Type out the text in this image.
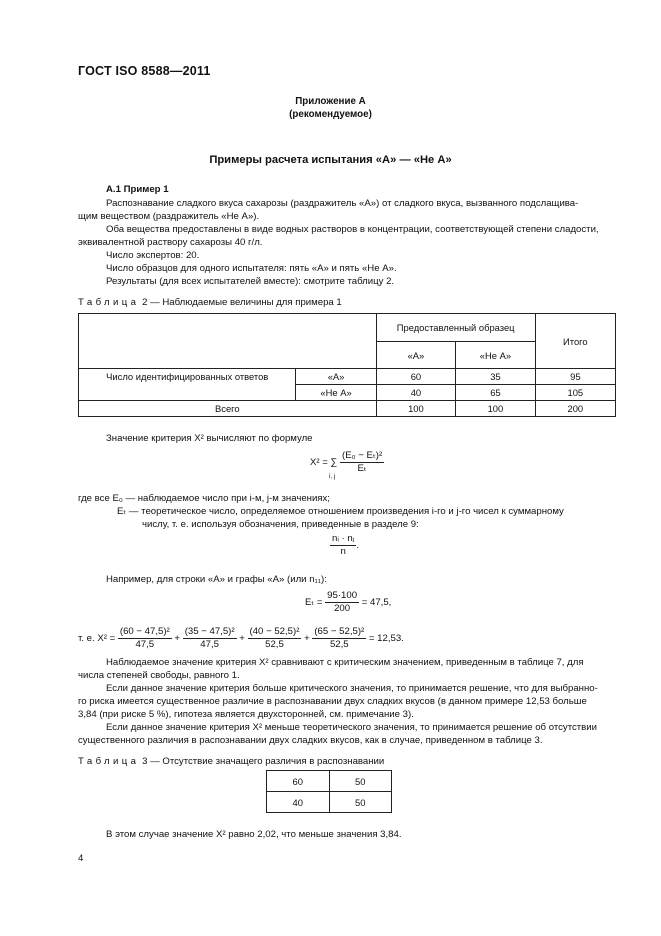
ГОСТ ISO 8588—2011
Приложение А
(рекомендуемое)
Примеры расчета испытания «А» — «Не А»
А.1 Пример 1
Распознавание сладкого вкуса сахарозы (раздражитель «А») от сладкого вкуса, вызванного подслащива-
щим веществом (раздражитель «Не А»).
Оба вещества предоставлены в виде водных растворов в концентрации, соответствующей степени сладости,
эквивалентной раствору сахарозы 40 г/л.
Число экспертов: 20.
Число образцов для одного испытателя: пять «А» и пять «Не А».
Результаты (для всех испытателей вместе): смотрите таблицу 2.
Таблица 2 — Наблюдаемые величины для примера 1
		Предоставленный образец		Итого
		«А»	«Не А»	

Число идентифицированных ответов	«А»	60	35	95
	«Не А»	40	65	105
Всего		100	100	200
Значение критерия X² вычисляют по формуле
X² = ∑ $\frac{\text{(E₀ − Eₜ)²}}{\text{Eₜ}}$
i, j
где все E₀ — наблюдаемое число при i-м, j-м значениях;
Eₜ — теоретическое число, определяемое отношением произведения i-го и j-го чисел к суммарному
числу, т. е. используя обозначения, приведенные в разделе 9:
$\frac{\text{nᵢ · nⱼ}}{n}$ .
Например, для строки «А» и графы «А» (или n₁₁):
$E_t = \frac{95\cdot 100}{200} = 47,5$,
т. е. $X^2 = \frac{\text{(60 − 47,5)²}}{47,5} + \frac{\text{(35 − 47,5)²}}{47,5} + \frac{\text{(40 − 52,5)²}}{52,5} + \frac{\text{(65 − 52,5)²}}{52,5} = 12,53$.
Наблюдаемое значение критерия X² сравнивают с критическим значением, приведенным в таблице 7, для
числа степеней свободы, равного 1.
Если данное значение критерия больше критического значения, то принимается решение, что для выбранно-
го риска имеется существенное различие в распознавании двух сладких вкусов (в данном примере 12,53 больше
3,84 (при риске 5 %), гипотеза является двухсторонней, см. примечание 3).
Если данное значение критерия X² меньше теоретического значения, то принимается решение об отсутствии
существенного различия в распознавании двух сладких вкусов, как в случае, приведенном в таблице 3.
Таблица 3 — Отсутствие значащего различия в распознавании
60	50
40	50
В этом случае значение X² равно 2,02, что меньше значения 3,84.
4
